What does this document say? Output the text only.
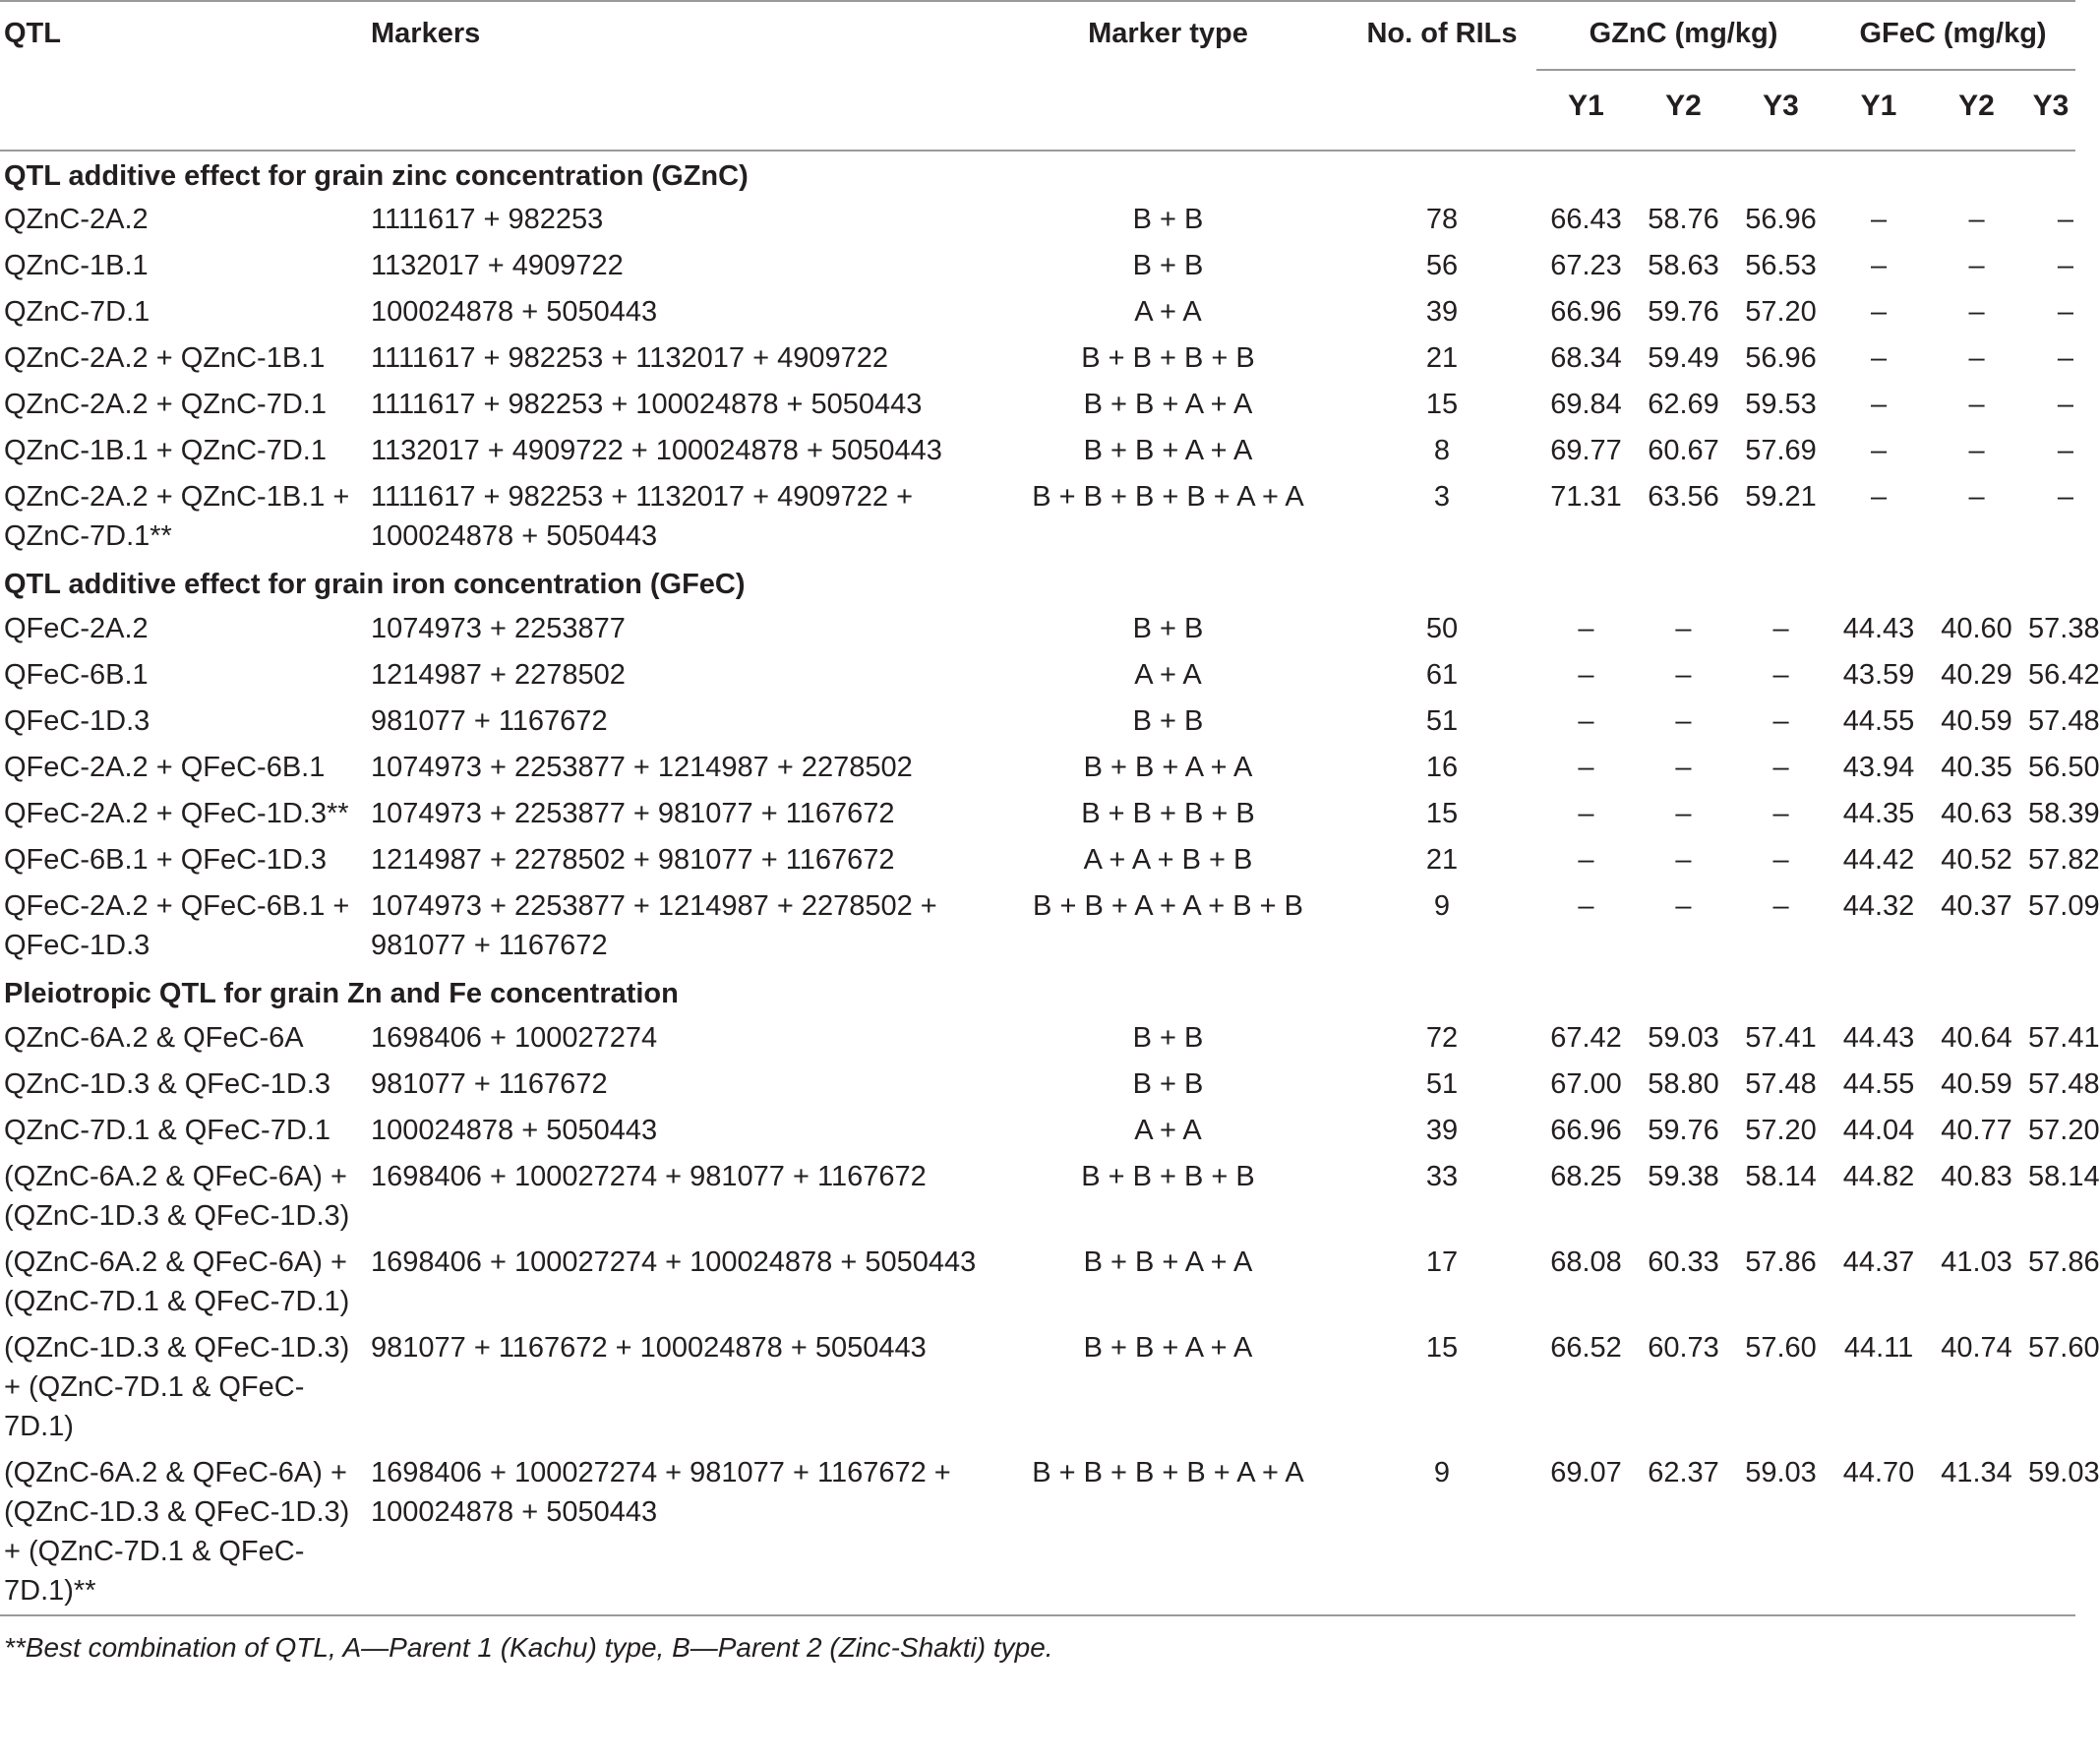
QTL	Markers	Marker type	No. of RILs	GZnC (mg/kg)			GFeC (mg/kg)		
				Y1	Y2	Y3	Y1	Y2	Y3
QTL additive effect for grain zinc concentration (GZnC)									
QZnC-2A.2	1111617 + 982253	B + B	78	66.43	58.76	56.96	–	–	–
QZnC-1B.1	1132017 + 4909722	B + B	56	67.23	58.63	56.53	–	–	–
QZnC-7D.1	100024878 + 5050443	A + A	39	66.96	59.76	57.20	–	–	–
QZnC-2A.2 + QZnC-1B.1	1111617 + 982253 + 1132017 + 4909722	B + B + B + B	21	68.34	59.49	56.96	–	–	–
QZnC-2A.2 + QZnC-7D.1	1111617 + 982253 + 100024878 + 5050443	B + B + A + A	15	69.84	62.69	59.53	–	–	–
QZnC-1B.1 + QZnC-7D.1	1132017 + 4909722 + 100024878 + 5050443	B + B + A + A	8	69.77	60.67	57.69	–	–	–
QZnC-2A.2 + QZnC-1B.1 + QZnC-7D.1**	1111617 + 982253 + 1132017 + 4909722 + 100024878 + 5050443	B + B + B + B + A + A	3	71.31	63.56	59.21	–	–	–
QTL additive effect for grain iron concentration (GFeC)									
QFeC-2A.2	1074973 + 2253877	B + B	50	–	–	–	44.43	40.60	57.38
QFeC-6B.1	1214987 + 2278502	A + A	61	–	–	–	43.59	40.29	56.42
QFeC-1D.3	981077 + 1167672	B + B	51	–	–	–	44.55	40.59	57.48
QFeC-2A.2 + QFeC-6B.1	1074973 + 2253877 + 1214987 + 2278502	B + B + A + A	16	–	–	–	43.94	40.35	56.50
QFeC-2A.2 + QFeC-1D.3**	1074973 + 2253877 + 981077 + 1167672	B + B + B + B	15	–	–	–	44.35	40.63	58.39
QFeC-6B.1 + QFeC-1D.3	1214987 + 2278502 + 981077 + 1167672	A + A + B + B	21	–	–	–	44.42	40.52	57.82
QFeC-2A.2 + QFeC-6B.1 + QFeC-1D.3	1074973 + 2253877 + 1214987 + 2278502 + 981077 + 1167672	B + B + A + A + B + B	9	–	–	–	44.32	40.37	57.09
Pleiotropic QTL for grain Zn and Fe concentration									
QZnC-6A.2 & QFeC-6A	1698406 + 100027274	B + B	72	67.42	59.03	57.41	44.43	40.64	57.41
QZnC-1D.3 & QFeC-1D.3	981077 + 1167672	B + B	51	67.00	58.80	57.48	44.55	40.59	57.48
QZnC-7D.1 & QFeC-7D.1	100024878 + 5050443	A + A	39	66.96	59.76	57.20	44.04	40.77	57.20
(QZnC-6A.2 & QFeC-6A) + (QZnC-1D.3 & QFeC-1D.3)	1698406 + 100027274 + 981077 + 1167672	B + B + B + B	33	68.25	59.38	58.14	44.82	40.83	58.14
(QZnC-6A.2 & QFeC-6A) + (QZnC-7D.1 & QFeC-7D.1)	1698406 + 100027274 + 100024878 + 5050443	B + B + A + A	17	68.08	60.33	57.86	44.37	41.03	57.86
(QZnC-1D.3 & QFeC-1D.3) + (QZnC-7D.1 & QFeC-7D.1)	981077 + 1167672 + 100024878 + 5050443	B + B + A + A	15	66.52	60.73	57.60	44.11	40.74	57.60
(QZnC-6A.2 & QFeC-6A) + (QZnC-1D.3 & QFeC-1D.3) + (QZnC-7D.1 & QFeC-7D.1)**	1698406 + 100027274 + 981077 + 1167672 + 100024878 + 5050443	B + B + B + B + A + A	9	69.07	62.37	59.03	44.70	41.34	59.03
**Best combination of QTL, A—Parent 1 (Kachu) type, B—Parent 2 (Zinc-Shakti) type.									
